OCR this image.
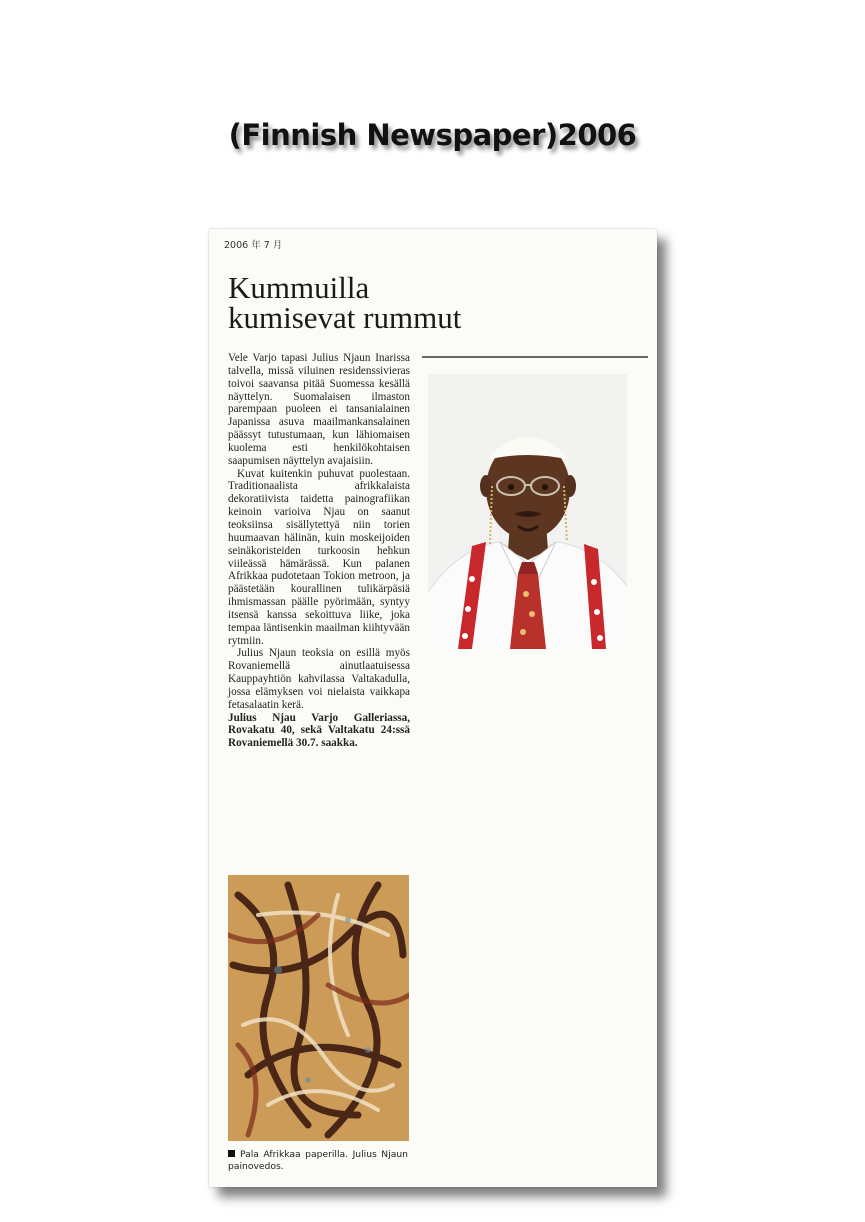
(Finnish Newspaper)2006
2006 年 7 月
Kummuilla
kumisevat rummut

Vele Varjo tapasi Julius Njaun Inarissa talvella, missä viluinen residenssivieras toivoi saavansa pitää Suomessa kesällä näyttelyn. Suomalaisen ilmaston parempaan puoleen ei tansanialainen Japanissa asuva maailmankansalainen päässyt tutustumaan, kun lähiomaisen kuolema esti henkilökohtaisen saapumisen näyttelyn avajaisiin.

Kuvat kuitenkin puhuvat puolestaan. Traditionaalista afrikkalaista dekoratiivista taidetta painografiikan keinoin varioiva Njau on saanut teoksiinsa sisällytettyä niin torien huumaavan hälinän, kuin moskeijoiden seinäkoristeiden turkoosin hehkun viileässä hämärässä. Kun palanen Afrikkaa pudotetaan Tokion metroon, ja päästetään kourallinen tulikärpäsiä ihmismassan päälle pyörimään, syntyy itsensä kanssa sekoittuva liike, joka tempaa läntisenkin maailman kiihtyvään rytmiin.

Julius Njaun teoksia on esillä myös Rovaniemellä ainutlaatuisessa Kauppayhtiön kahvilassa Valtakadulla, jossa elämyksen voi nielaista vaikkapa fetasalaatin kerä.

Julius Njau Varjo Galleriassa, Rovakatu 40, sekä Valtakatu 24:ssä Rovaniemellä 30.7. saakka.

Pala Afrikkaa paperilla. Julius Njaun painovedos.
